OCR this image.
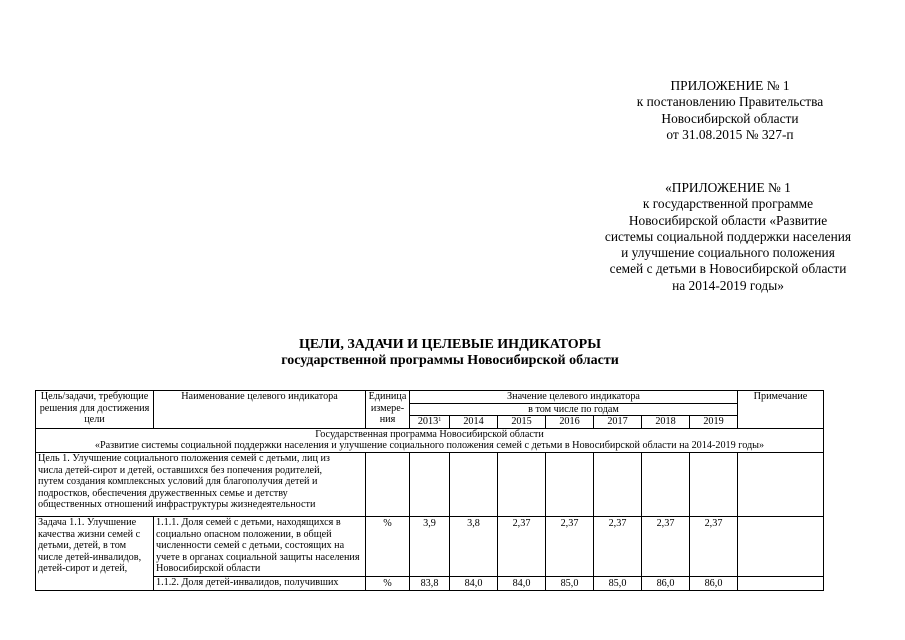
ПРИЛОЖЕНИЕ № 1
к постановлению Правительства
Новосибирской области
от 31.08.2015 № 327-п
«ПРИЛОЖЕНИЕ № 1
к государственной программе
Новосибирской области «Развитие
системы социальной поддержки населения
и улучшение социального положения
семей с детьми в Новосибирской области
на 2014-2019 годы»
ЦЕЛИ, ЗАДАЧИ И ЦЕЛЕВЫЕ ИНДИКАТОРЫ
государственной программы Новосибирской области
Цель/задачи, требующие решения для достижения цели	Наименование целевого индикатора	Единица измере-ния	Значение целевого индикатора							Примечание
			в том числе по годам							
			2013$^1$	2014	2015	2016	2017	2018	2019	

Государственная программа Новосибирской области
«Развитие системы социальной поддержки населения и улучшение социального положения семей с детьми в Новосибирской области на 2014-2019 годы»										

Цель 1. Улучшение социального положения семей с детьми, лиц из числа детей-сирот и детей, оставшихся без попечения родителей, путем создания комплексных условий для благополучия детей и подростков, обеспечения дружественных семье и детству общественных отношений инфраструктуры жизнедеятельности										

Задача 1.1. Улучшение качества жизни семей с детьми, детей, в том числе детей-инвалидов, детей-сирот и детей,	1.1.1. Доля семей с детьми, находящихся в социально опасном положении, в общей численности семей с детьми, состоящих на учете в органах социальной защиты населения Новосибирской области	%	3,9	3,8	2,37	2,37	2,37	2,37	2,37	
	1.1.2. Доля детей-инвалидов, получивших	%	83,8	84,0	84,0	85,0	85,0	86,0	86,0	
